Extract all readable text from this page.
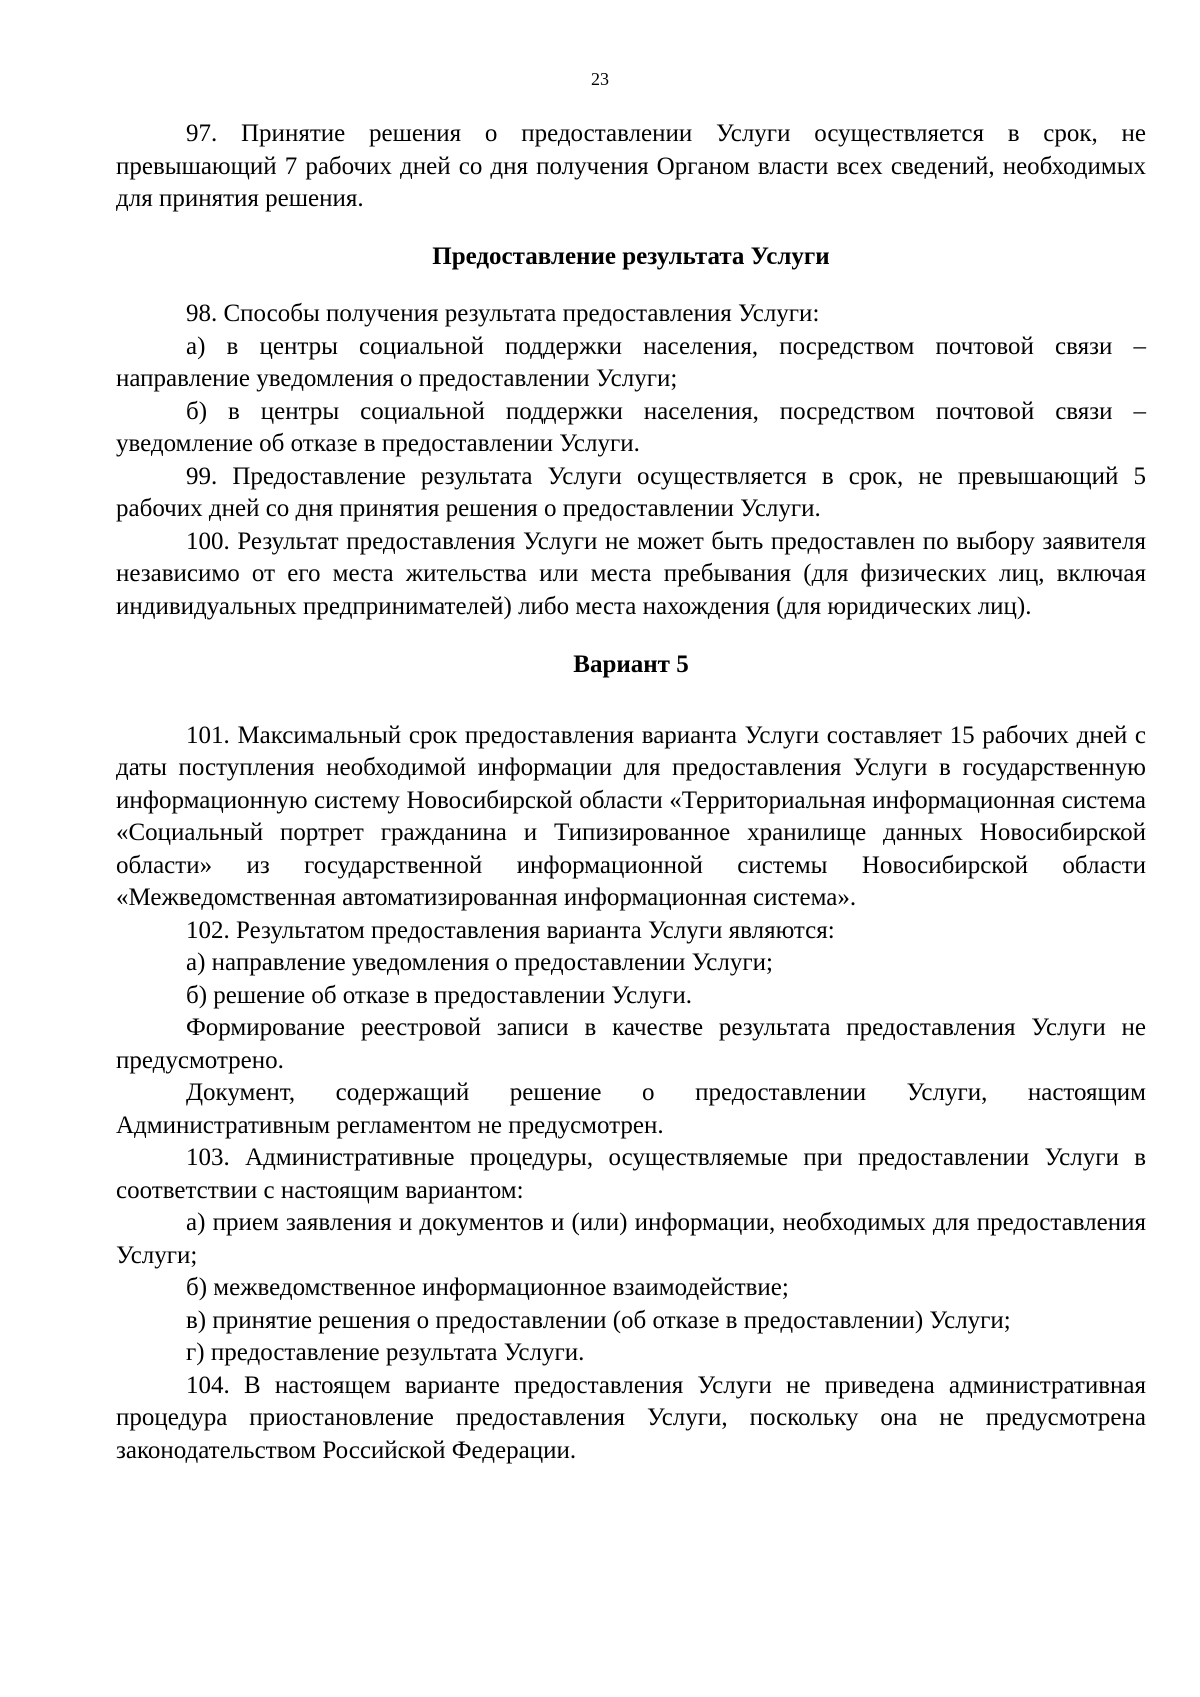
23

97. Принятие решения о предоставлении Услуги осуществляется в срок, не превышающий 7 рабочих дней со дня получения Органом власти всех сведений, необходимых для принятия решения.

Предоставление результата Услуги

98. Способы получения результата предоставления Услуги:

а) в центры социальной поддержки населения, посредством почтовой связи – направление уведомления о предоставлении Услуги;

б) в центры социальной поддержки населения, посредством почтовой связи – уведомление об отказе в предоставлении Услуги.

99. Предоставление результата Услуги осуществляется в срок, не превышающий 5 рабочих дней со дня принятия решения о предоставлении Услуги.

100. Результат предоставления Услуги не может быть предоставлен по выбору заявителя независимо от его места жительства или места пребывания (для физических лиц, включая индивидуальных предпринимателей) либо места нахождения (для юридических лиц).

Вариант 5

101. Максимальный срок предоставления варианта Услуги составляет 15 рабочих дней с даты поступления необходимой информации для предоставления Услуги в государственную информационную систему Новосибирской области «Территориальная информационная система «Социальный портрет гражданина и Типизированное хранилище данных Новосибирской области» из государственной информационной системы Новосибирской области «Межведомственная автоматизированная информационная система».

102. Результатом предоставления варианта Услуги являются:

а) направление уведомления о предоставлении Услуги;

б) решение об отказе в предоставлении Услуги.

Формирование реестровой записи в качестве результата предоставления Услуги не предусмотрено.

Документ, содержащий решение о предоставлении Услуги, настоящим Административным регламентом не предусмотрен.

103. Административные процедуры, осуществляемые при предоставлении Услуги в соответствии с настоящим вариантом:

а) прием заявления и документов и (или) информации, необходимых для предоставления Услуги;

б) межведомственное информационное взаимодействие;

в) принятие решения о предоставлении (об отказе в предоставлении) Услуги;

г) предоставление результата Услуги.

104. В настоящем варианте предоставления Услуги не приведена административная процедура приостановление предоставления Услуги, поскольку она не предусмотрена законодательством Российской Федерации.
